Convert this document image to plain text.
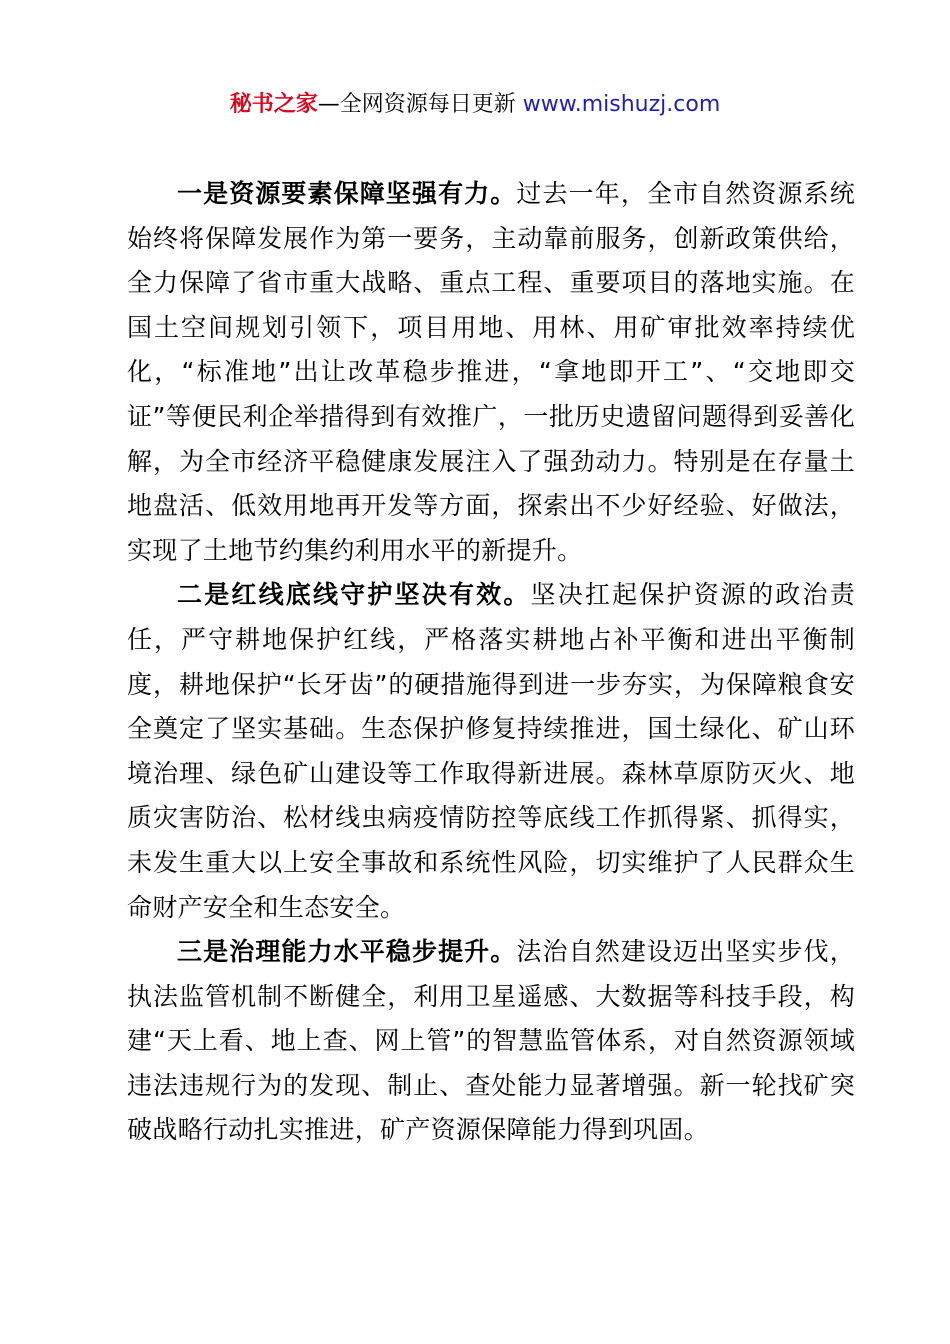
秘书之家—全网资源每日更新 www.mishuzj.com

一是资源要素保障坚强有力。过去一年，全市自然资源系统始终将保障发展作为第一要务，主动靠前服务，创新政策供给，全力保障了省市重大战略、重点工程、重要项目的落地实施。在国土空间规划引领下，项目用地、用林、用矿审批效率持续优化，“标准地”出让改革稳步推进，“拿地即开工”、“交地即交证”等便民利企举措得到有效推广，一批历史遗留问题得到妥善化解，为全市经济平稳健康发展注入了强劲动力。特别是在存量土地盘活、低效用地再开发等方面，探索出不少好经验、好做法，实现了土地节约集约利用水平的新提升。

二是红线底线守护坚决有效。坚决扛起保护资源的政治责任，严守耕地保护红线，严格落实耕地占补平衡和进出平衡制度，耕地保护“长牙齿”的硬措施得到进一步夯实，为保障粮食安全奠定了坚实基础。生态保护修复持续推进，国土绿化、矿山环境治理、绿色矿山建设等工作取得新进展。森林草原防灭火、地质灾害防治、松材线虫病疫情防控等底线工作抓得紧、抓得实，未发生重大以上安全事故和系统性风险，切实维护了人民群众生命财产安全和生态安全。

三是治理能力水平稳步提升。法治自然建设迈出坚实步伐，执法监管机制不断健全，利用卫星遥感、大数据等科技手段，构建“天上看、地上查、网上管”的智慧监管体系，对自然资源领域违法违规行为的发现、制止、查处能力显著增强。新一轮找矿突破战略行动扎实推进，矿产资源保障能力得到巩固。
